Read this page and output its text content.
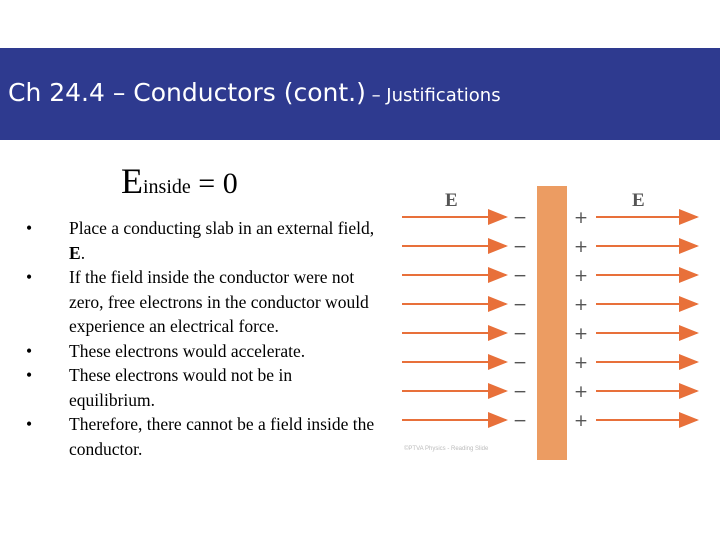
Ch 24.4 – Conductors (cont.) – Justifications
Einside = 0
•	Place a conducting slab in an external field, E.
•	If the field inside the conductor were not zero, free electrons in the conductor would experience an electrical force.
•	These electrons would accelerate.
•	These electrons would not be in equilibrium.
•	Therefore, there cannot be a field inside the conductor.
E	E
−	+
−	+
−	+
−	+
−	+
−	+
−	+
−	+
©PTVA Physics - Reading Slide
